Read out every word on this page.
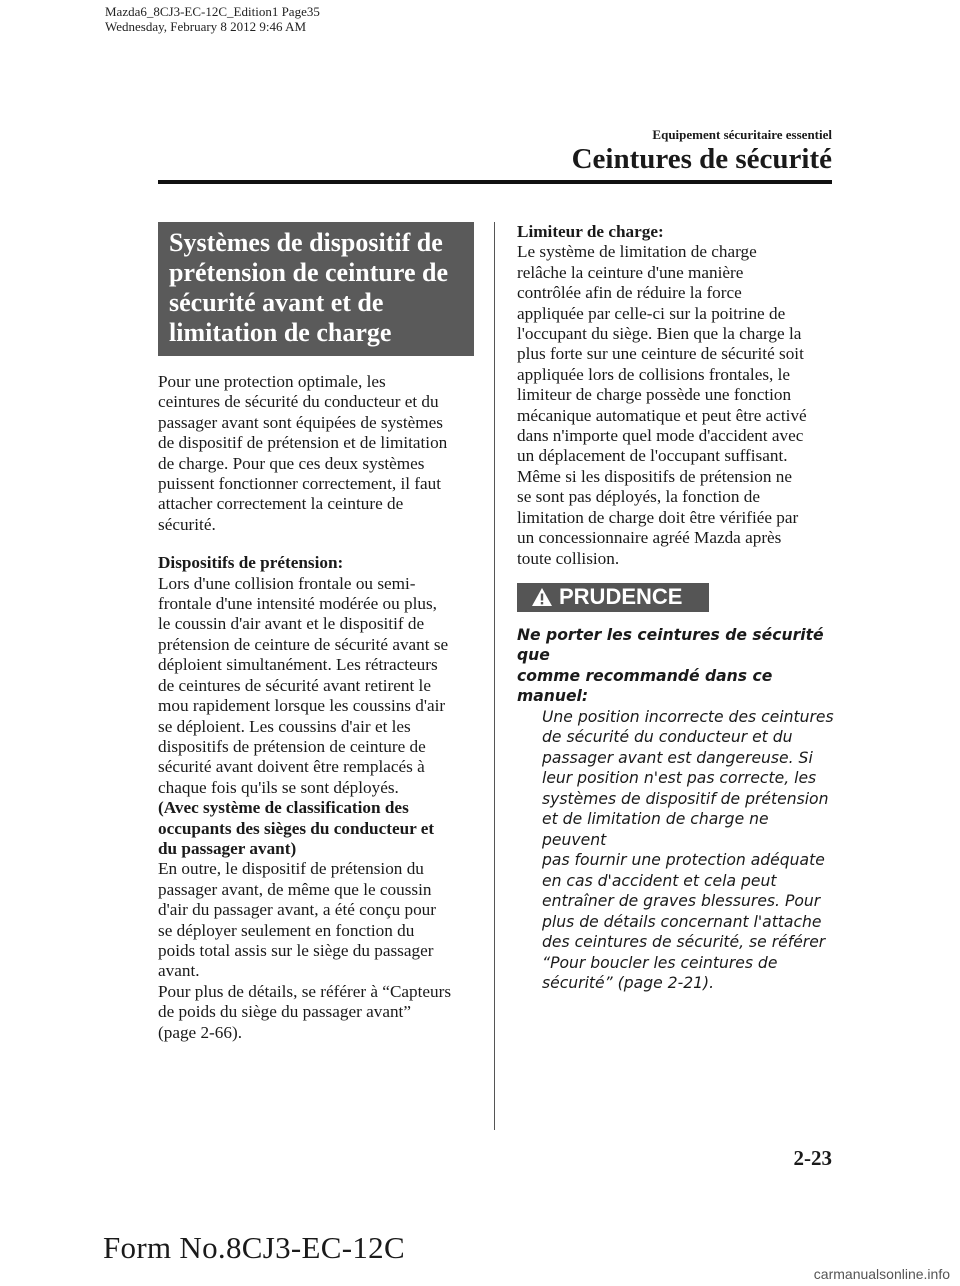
Mazda6_8CJ3-EC-12C_Edition1 Page35
Wednesday, February 8 2012 9:46 AM
Equipement sécuritaire essentiel
Ceintures de sécurité
Systèmes de dispositif de
prétension de ceinture de
sécurité avant et de
limitation de charge
Pour une protection optimale, les
ceintures de sécurité du conducteur et du
passager avant sont équipées de systèmes
de dispositif de prétension et de limitation
de charge. Pour que ces deux systèmes
puissent fonctionner correctement, il faut
attacher correctement la ceinture de
sécurité.
Dispositifs de prétension:
Lors d'une collision frontale ou semi-
frontale d'une intensité modérée ou plus,
le coussin d'air avant et le dispositif de
prétension de ceinture de sécurité avant se
déploient simultanément. Les rétracteurs
de ceintures de sécurité avant retirent le
mou rapidement lorsque les coussins d'air
se déploient. Les coussins d'air et les
dispositifs de prétension de ceinture de
sécurité avant doivent être remplacés à
chaque fois qu'ils se sont déployés.
(Avec système de classification des
occupants des sièges du conducteur et
du passager avant)
En outre, le dispositif de prétension du
passager avant, de même que le coussin
d'air du passager avant, a été conçu pour
se déployer seulement en fonction du
poids total assis sur le siège du passager
avant.
Pour plus de détails, se référer à “Capteurs
de poids du siège du passager avant”
(page 2-66).
Limiteur de charge:
Le système de limitation de charge
relâche la ceinture d'une manière
contrôlée afin de réduire la force
appliquée par celle-ci sur la poitrine de
l'occupant du siège. Bien que la charge la
plus forte sur une ceinture de sécurité soit
appliquée lors de collisions frontales, le
limiteur de charge possède une fonction
mécanique automatique et peut être activé
dans n'importe quel mode d'accident avec
un déplacement de l'occupant suffisant.
Même si les dispositifs de prétension ne
se sont pas déployés, la fonction de
limitation de charge doit être vérifiée par
un concessionnaire agréé Mazda après
toute collision.
PRUDENCE
Ne porter les ceintures de sécurité que
comme recommandé dans ce manuel:
Une position incorrecte des ceintures
de sécurité du conducteur et du
passager avant est dangereuse. Si
leur position n'est pas correcte, les
systèmes de dispositif de prétension
et de limitation de charge ne peuvent
pas fournir une protection adéquate
en cas d'accident et cela peut
entraîner de graves blessures. Pour
plus de détails concernant l'attache
des ceintures de sécurité, se référer
“Pour boucler les ceintures de
sécurité” (page 2-21).
2-23
Form No.8CJ3-EC-12C
carmanualsonline.info
